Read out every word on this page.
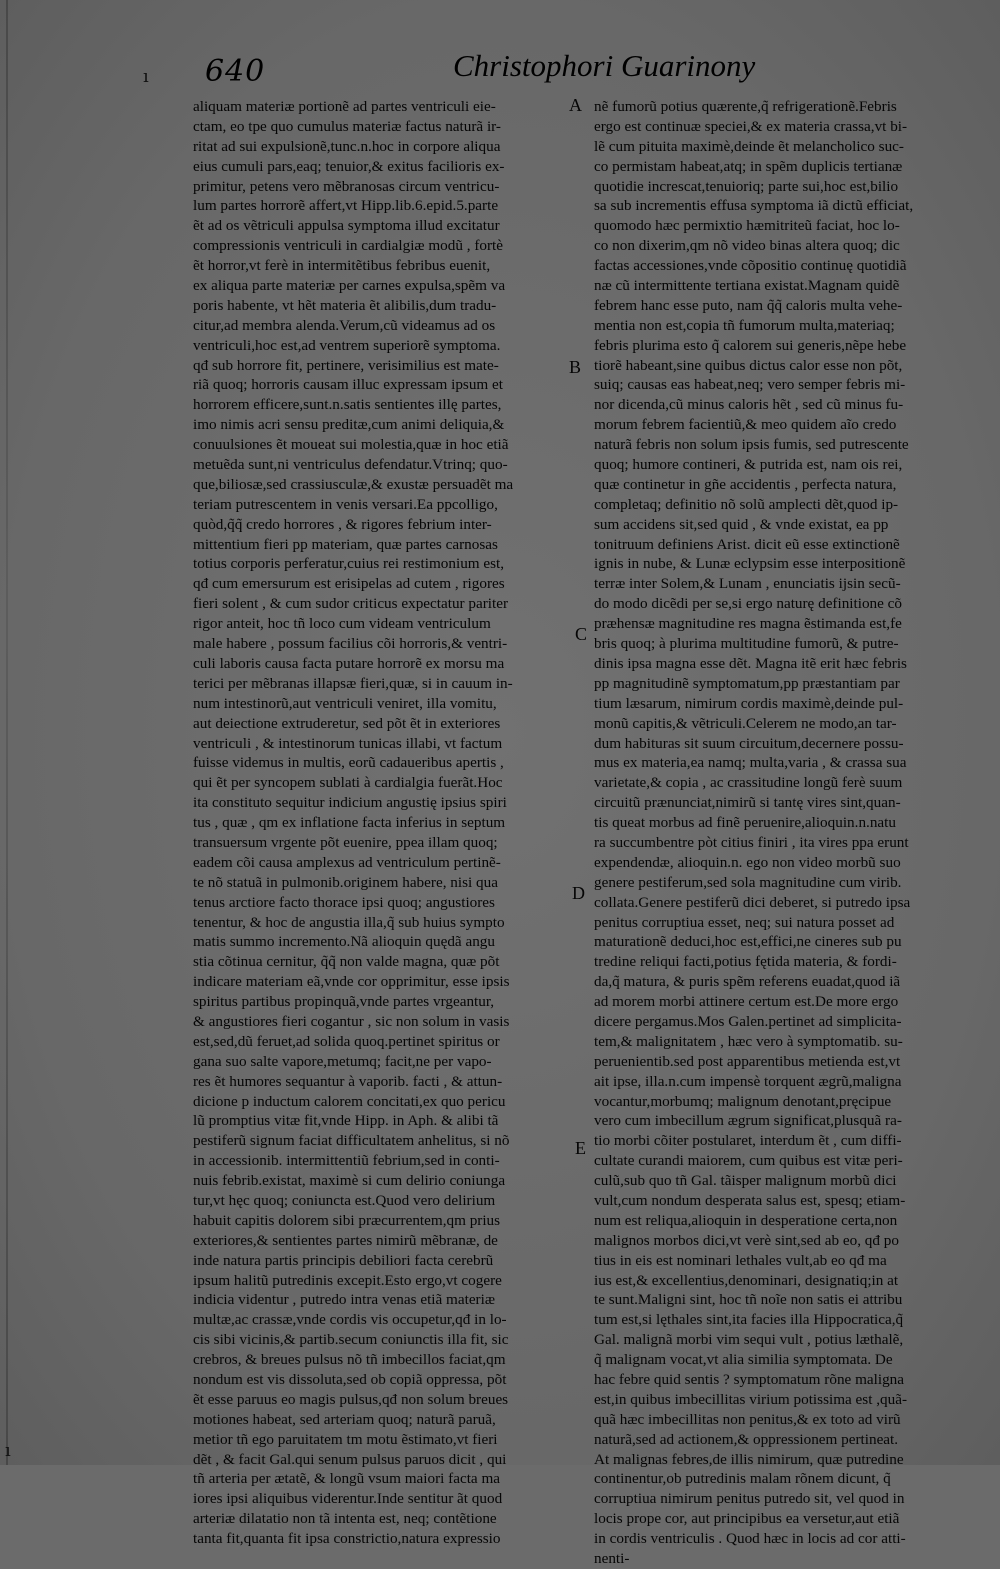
ı
ı
640	Christophori Guarinony
aliquam materiæ portionẽ ad partes ventriculi eie-
ctam, eo tpe quo cumulus materiæ factus naturã ir-
ritat ad sui expulsionẽ,tunc.n.hoc in corpore aliqua
eius cumuli pars,eaq; tenuior,& exitus facilioris ex-
primitur, petens vero mẽbranosas circum ventricu-
lum partes horrorẽ affert,vt Hipp.lib.6.epid.5.parte
ẽt ad os vẽtriculi appulsa symptoma illud excitatur
compressionis ventriculi in cardialgiæ modũ , fortè
ẽt horror,vt ferè in intermitẽtibus febribus euenit,
ex aliqua parte materiæ per carnes expulsa,spẽm va
poris habente, vt hẽt materia ẽt alibilis,dum tradu-
citur,ad membra alenda.Verum,cũ videamus ad os
ventriculi,hoc est,ad ventrem superiorẽ symptoma.
qđ sub horrore fit, pertinere, verisimilius est mate-
riã quoq; horroris causam illuc expressam ipsum et
horrorem efficere,sunt.n.satis sentientes illę partes,
imo nimis acri sensu preditæ,cum animi deliquia,&
conuulsiones ẽt moueat sui molestia,quæ in hoc etiã
metuẽda sunt,ni ventriculus defendatur.Vtrinq; quo-
que,biliosæ,sed crassiusculæ,& exustæ persuadẽt ma
teriam putrescentem in venis versari.Ea ppcolligo,
quòd,q̃q̃ credo horrores , & rigores febrium inter-
mittentium fieri pp materiam, quæ partes carnosas
totius corporis perferatur,cuius rei restimonium est,
qđ cum emersurum est erisipelas ad cutem , rigores
fieri solent , & cum sudor criticus expectatur pariter
rigor anteit, hoc tñ loco cum videam ventriculum
male habere , possum facilius cõi horroris,& ventri-
culi laboris causa facta putare horrorẽ ex morsu ma
terici per mẽbranas illapsæ fieri,quæ, si in cauum in-
num intestinorũ,aut ventriculi veniret, illa vomitu,
aut deiectione extruderetur, sed põt ẽt in exteriores
ventriculi , & intestinorum tunicas illabi, vt factum
fuisse videmus in multis, eorũ cadaueribus apertis ,
qui ẽt per syncopem sublati à cardialgia fuerãt.Hoc
ita constituto sequitur indicium angustię ipsius spiri
tus , quæ , qm ex inflatione facta inferius in septum
transuersum vrgente põt euenire, ppea illam quoq;
eadem cõi causa amplexus ad ventriculum pertinẽ-
te nõ statuã in pulmonib.originem habere, nisi qua
tenus arctiore facto thorace ipsi quoq; angustiores
tenentur, & hoc de angustia illa,q̃ sub huius sympto
matis summo incremento.Nã alioquin quędã angu
stia cõtinua cernitur, q̃q̃ non valde magna, quæ põt
indicare materiam eã,vnde cor opprimitur, esse ipsis
spiritus partibus propinquã,vnde partes vrgeantur,
& angustiores fieri cogantur , sic non solum in vasis
est,sed,dũ feruet,ad solida quoq.pertinet spiritus or
gana suo salte vapore,metumq; facit,ne per vapo-
res ẽt humores sequantur à vaporib. facti , & attun-
dicione p inductum calorem concitati,ex quo pericu
lũ promptius vitæ fit,vnde Hipp. in Aph. & alibi tã
pestiferũ signum faciat difficultatem anhelitus, si nõ
in accessionib. intermittentiũ febrium,sed in conti-
nuis febrib.existat, maximè si cum delirio coniunga
tur,vt hęc quoq; coniuncta est.Quod vero delirium
habuit capitis dolorem sibi præcurrentem,qm prius
exteriores,& sentientes partes nimirũ mẽbranæ, de
inde natura partis principis debiliori facta cerebrũ
ipsum halitũ putredinis excepit.Esto ergo,vt cogere
indicia videntur , putredo intra venas etiã materiæ
multæ,ac crassæ,vnde cordis vis occupetur,qđ in lo-
cis sibi vicinis,& partib.secum coniunctis illa fit, sic
crebros, & breues pulsus nõ tñ imbecillos faciat,qm
nondum est vis dissoluta,sed ob copiã oppressa, põt
ẽt esse paruus eo magis pulsus,qđ non solum breues
motiones habeat, sed arteriam quoq; naturã paruã,
metior tñ ego paruitatem tm motu ẽstimato,vt fieri
dẽt , & facit Gal.qui senum pulsus paruos dicit , qui
tñ arteria per ætatẽ, & longũ vsum maiori facta ma
iores ipsi aliquibus viderentur.Inde sentitur ãt quod
arteriæ dilatatio non tã intenta est, neq; contẽtione
tanta fit,quanta fit ipsa constrictio,natura expressio
nẽ fumorũ potius quærente,q̃ refrigerationẽ.Febris
ergo est continuæ speciei,& ex materia crassa,vt bi-
lẽ cum pituita maximè,deinde ẽt melancholico suc-
co permistam habeat,atq; in spẽm duplicis tertianæ
quotidie increscat,tenuioriq; parte sui,hoc est,bilio
sa sub incrementis effusa symptoma iã dictũ efficiat,
quomodo hæc permixtio hæmitriteũ faciat, hoc lo-
co non dixerim,qm nõ video binas altera quoq; dic
factas accessiones,vnde cõpositio continuę quotidiã
næ cũ intermittente tertiana existat.Magnam quidẽ
febrem hanc esse puto, nam q̃q̃ caloris multa vehe-
mentia non est,copia tñ fumorum multa,materiaq;
febris plurima esto q̃ calorem sui generis,nẽpe hebe
tiorẽ habeant,sine quibus dictus calor esse non põt,
suiq; causas eas habeat,neq; vero semper febris mi-
nor dicenda,cũ minus caloris hẽt , sed cũ minus fu-
morum febrem facientiũ,& meo quidem aĩo credo
naturã febris non solum ipsis fumis, sed putrescente
quoq; humore contineri, & putrida est, nam ois rei,
quæ continetur in gñe accidentis , perfecta natura,
completaq; definitio nõ solũ amplecti dẽt,quod ip-
sum accidens sit,sed quid , & vnde existat, ea pp
tonitruum definiens Arist. dicit eũ esse extinctionẽ
ignis in nube, & Lunæ eclypsim esse interpositionẽ
terræ inter Solem,& Lunam , enunciatis ijsin secũ-
do modo dicẽdi per se,si ergo naturę definitione cõ
præhensæ magnitudine res magna ẽstimanda est,fe
bris quoq; à plurima multitudine fumorũ, & putre-
dinis ipsa magna esse dẽt. Magna itẽ erit hæc febris
pp magnitudinẽ symptomatum,pp præstantiam par
tium læsarum, nimirum cordis maximè,deinde pul-
monũ capitis,& vẽtriculi.Celerem ne modo,an tar-
dum habituras sit suum circuitum,decernere possu-
mus ex materia,ea namq; multa,varia , & crassa sua
varietate,& copia , ac crassitudine longũ ferè suum
circuitũ prænunciat,nimirũ si tantę vires sint,quan-
tis queat morbus ad finẽ peruenire,alioquin.n.natu
ra succumbentre pòt citius finiri , ita vires ppa erunt
expendendæ, alioquin.n. ego non video morbũ suo
genere pestiferum,sed sola magnitudine cum virib.
collata.Genere pestiferũ dici deberet, si putredo ipsa
penitus corruptiua esset, neq; sui natura posset ad
maturationẽ deduci,hoc est,effici,ne cineres sub pu
tredine reliqui facti,potius fętida materia, & fordi-
da,q̃ matura, & puris spẽm referens euadat,quod iã
ad morem morbi attinere certum est.De more ergo
dicere pergamus.Mos Galen.pertinet ad simplicita-
tem,& malignitatem , hæc vero à symptomatib. su-
peruenientib.sed post apparentibus metienda est,vt
ait ipse, illa.n.cum impensè torquent ægrũ,maligna
vocantur,morbumq; malignum denotant,pręcipue
vero cum imbecillum ægrum significat,plusquã ra-
tio morbi cõiter postularet, interdum ẽt , cum diffi-
cultate curandi maiorem, cum quibus est vitæ peri-
culũ,sub quo tñ Gal. tãisper malignum morbũ dici
vult,cum nondum desperata salus est, spesq; etiam-
num est reliqua,alioquin in desperatione certa,non
malignos morbos dici,vt verè sint,sed ab eo, qđ po
tius in eis est nominari lethales vult,ab eo qđ ma
ius est,& excellentius,denominari, designatiq;in at
te sunt.Maligni sint, hoc tñ noĩe non satis ei attribu
tum est,si lęthales sint,ita facies illa Hippocratica,q̃
Gal. malignã morbi vim sequi vult , potius læthalẽ,
q̃ malignam vocat,vt alia similia symptomata. De
hac febre quid sentis ? symptomatum rõne maligna
est,in quibus imbecillitas virium potissima est ,quã-
quã hæc imbecillitas non penitus,& ex toto ad virũ
naturã,sed ad actionem,& oppressionem pertineat.
At malignas febres,de illis nimirum, quæ putredine
continentur,ob putredinis malam rõnem dicunt, q̃
corruptiua nimirum penitus putredo sit, vel quod in
locis prope cor, aut principibus ea versetur,aut etiã
in cordis ventriculis . Quod hæc in locis ad cor atti-
nenti-
A
B
C
D
E
